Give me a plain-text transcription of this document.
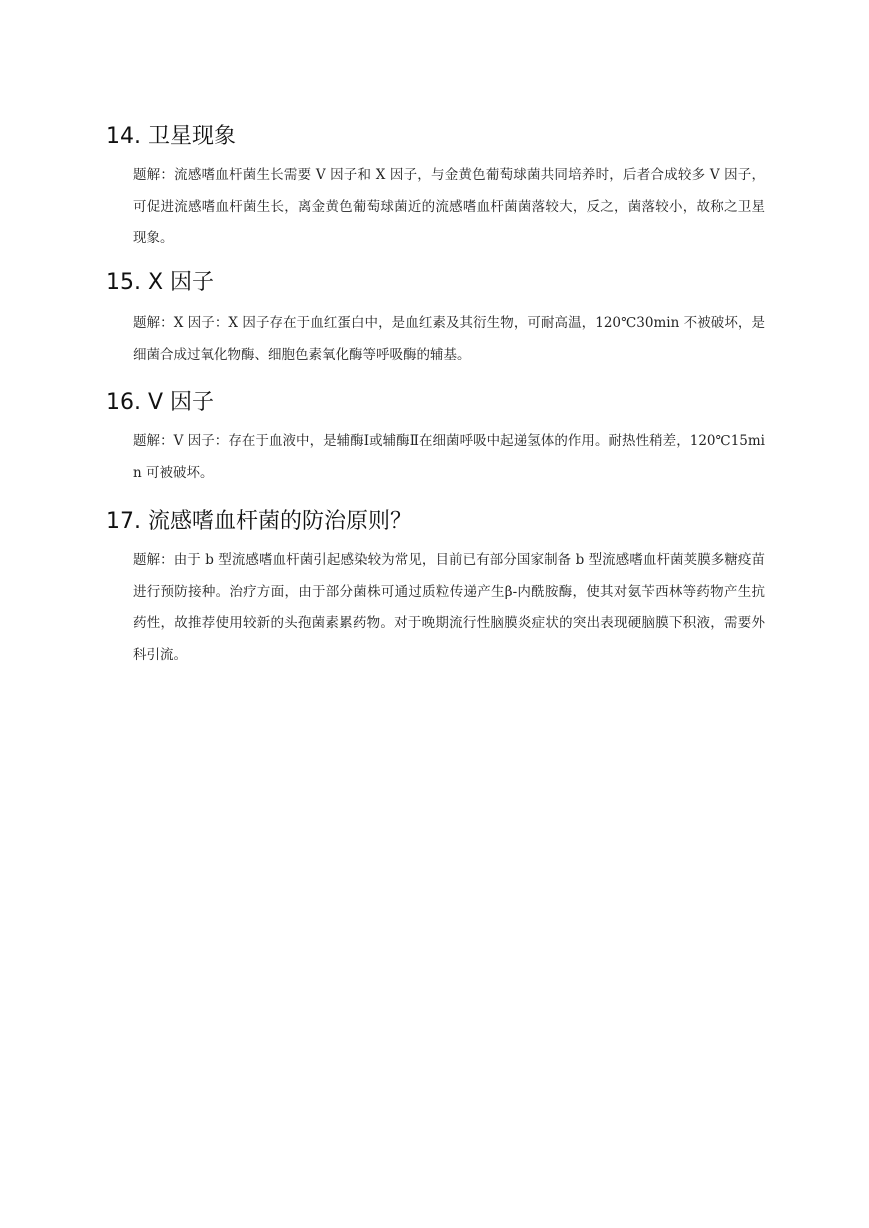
14. 卫星现象
题解：流感嗜血杆菌生长需要 V 因子和 X 因子，与金黄色葡萄球菌共同培养时，后者合成较多 V 因子，可促进流感嗜血杆菌生长，离金黄色葡萄球菌近的流感嗜血杆菌菌落较大，反之，菌落较小，故称之卫星现象。
15. X 因子
题解：X 因子：X 因子存在于血红蛋白中，是血红素及其衍生物，可耐高温，120℃30min 不被破坏，是细菌合成过氧化物酶、细胞色素氧化酶等呼吸酶的辅基。
16. V 因子
题解：V 因子：存在于血液中，是辅酶Ⅰ或辅酶Ⅱ在细菌呼吸中起递氢体的作用。耐热性稍差，120℃15min 可被破坏。
17. 流感嗜血杆菌的防治原则？
题解：由于 b 型流感嗜血杆菌引起感染较为常见，目前已有部分国家制备 b 型流感嗜血杆菌荚膜多糖疫苗进行预防接种。治疗方面，由于部分菌株可通过质粒传递产生β-内酰胺酶，使其对氨苄西林等药物产生抗药性，故推荐使用较新的头孢菌素累药物。对于晚期流行性脑膜炎症状的突出表现硬脑膜下积液，需要外科引流。
